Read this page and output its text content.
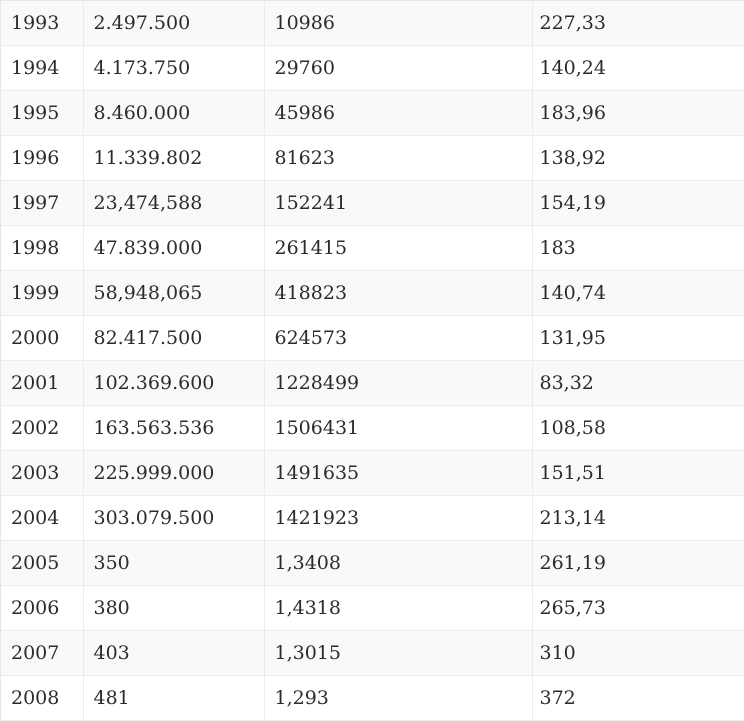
1993	2.497.500	10986	227,33
1994	4.173.750	29760	140,24
1995	8.460.000	45986	183,96
1996	11.339.802	81623	138,92
1997	23,474,588	152241	154,19
1998	47.839.000	261415	183
1999	58,948,065	418823	140,74
2000	82.417.500	624573	131,95
2001	102.369.600	1228499	83,32
2002	163.563.536	1506431	108,58
2003	225.999.000	1491635	151,51
2004	303.079.500	1421923	213,14
2005	350	1,3408	261,19
2006	380	1,4318	265,73
2007	403	1,3015	310
2008	481	1,293	372
